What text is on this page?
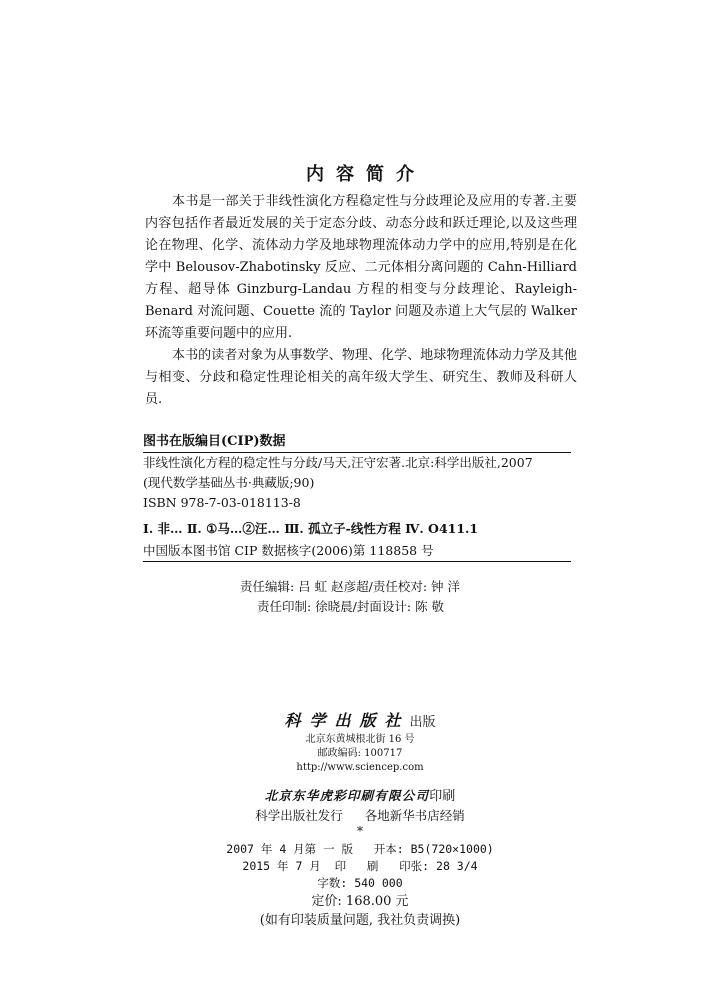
内容简介

本书是一部关于非线性演化方程稳定性与分歧理论及应用的专著.主要内容包括作者最近发展的关于定态分歧、动态分歧和跃迁理论,以及这些理论在物理、化学、流体动力学及地球物理流体动力学中的应用,特别是在化学中 Belousov-Zhabotinsky 反应、二元体相分离问题的 Cahn-Hilliard 方程、超导体 Ginzburg-Landau 方程的相变与分歧理论、Rayleigh-Benard 对流问题、Couette 流的 Taylor 问题及赤道上大气层的 Walker 环流等重要问题中的应用.

本书的读者对象为从事数学、物理、化学、地球物理流体动力学及其他与相变、分歧和稳定性理论相关的高年级大学生、研究生、教师及科研人员.

图书在版编目(CIP)数据
非线性演化方程的稳定性与分歧/马天,汪守宏著.北京:科学出版社,2007
(现代数学基础丛书·典藏版;90)
ISBN 978-7-03-018113-8
Ⅰ. 非… Ⅱ. ①马…②汪… Ⅲ. 孤立子-线性方程 Ⅳ. O411.1
中国版本图书馆 CIP 数据核字(2006)第 118858 号
责任编辑: 吕 虹 赵彦超/责任校对: 钟 洋
责任印制: 徐晓晨/封面设计: 陈 敬
科学出版社出版
北京东黄城根北街 16 号
邮政编码: 100717
http://www.sciencep.com
北京东华虎彩印刷有限公司印刷
科学出版社发行 各地新华书店经销
*
2007 年 4 月第 一 版   开本: B5(720×1000)
2015 年 7 月  印   刷   印张: 28 3/4
字数: 540 000
定价: 168.00 元
(如有印装质量问题, 我社负责调换)
